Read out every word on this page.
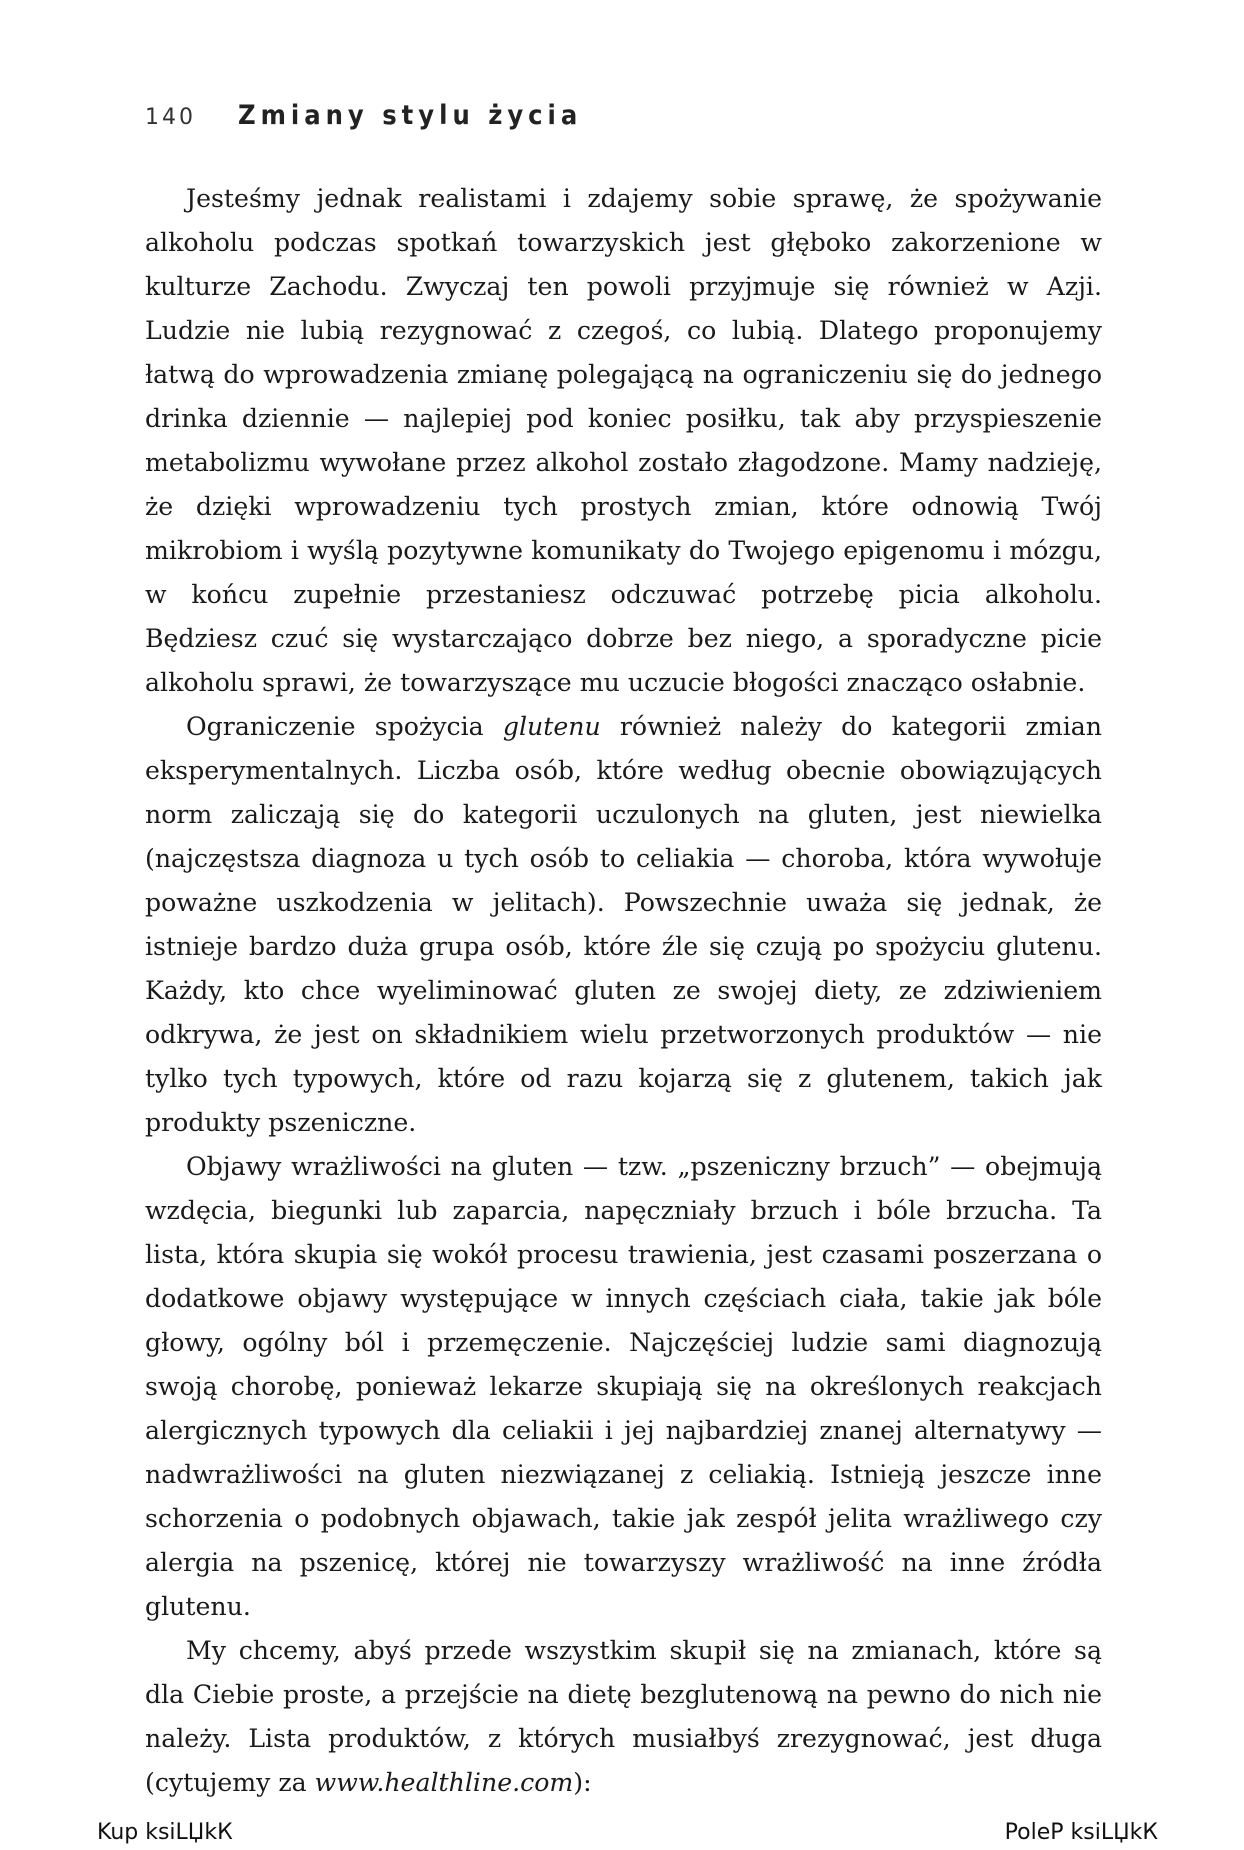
140 Zmiany stylu życia

Jesteśmy jednak realistami i zdajemy sobie sprawę, że spożywanie alkoholu podczas spotkań towarzyskich jest głęboko zakorzenione w kulturze Zachodu. Zwyczaj ten powoli przyjmuje się również w Azji. Ludzie nie lubią rezygnować z czegoś, co lubią. Dlatego proponujemy łatwą do wprowadzenia zmianę polegającą na ograniczeniu się do jednego drinka dziennie — najlepiej pod koniec posiłku, tak aby przyspieszenie metabolizmu wywołane przez alkohol zostało złagodzone. Mamy nadzieję, że dzięki wprowadzeniu tych prostych zmian, które odnowią Twój mikrobiom i wyślą pozytywne komunikaty do Twojego epigenomu i mózgu, w końcu zupełnie przestaniesz odczuwać potrzebę picia alkoholu. Będziesz czuć się wystarczająco dobrze bez niego, a sporadyczne picie alkoholu sprawi, że towarzyszące mu uczucie błogości znacząco osłabnie.

Ograniczenie spożycia glutenu również należy do kategorii zmian eksperymentalnych. Liczba osób, które według obecnie obowiązujących norm zaliczają się do kategorii uczulonych na gluten, jest niewielka (najczęstsza diagnoza u tych osób to celiakia — choroba, która wywołuje poważne uszkodzenia w jelitach). Powszechnie uważa się jednak, że istnieje bardzo duża grupa osób, które źle się czują po spożyciu glutenu. Każdy, kto chce wyeliminować gluten ze swojej diety, ze zdziwieniem odkrywa, że jest on składnikiem wielu przetworzonych produktów — nie tylko tych typowych, które od razu kojarzą się z glutenem, takich jak produkty pszeniczne.

Objawy wrażliwości na gluten — tzw. „pszeniczny brzuch” — obejmują wzdęcia, biegunki lub zaparcia, napęczniały brzuch i bóle brzucha. Ta lista, która skupia się wokół procesu trawienia, jest czasami poszerzana o dodatkowe objawy występujące w innych częściach ciała, takie jak bóle głowy, ogólny ból i przemęczenie. Najczęściej ludzie sami diagnozują swoją chorobę, ponieważ lekarze skupiają się na określonych reakcjach alergicznych typowych dla celiakii i jej najbardziej znanej alternatywy — nadwrażliwości na gluten niezwiązanej z celiakią. Istnieją jeszcze inne schorzenia o podobnych objawach, takie jak zespół jelita wrażliwego czy alergia na pszenicę, której nie towarzyszy wrażliwość na inne źródła glutenu.

My chcemy, abyś przede wszystkim skupił się na zmianach, które są dla Ciebie proste, a przejście na dietę bezglutenową na pewno do nich nie należy. Lista produktów, z których musiałbyś zrezygnować, jest długa (cytujemy za www.healthline.com):

Kup ksiLЏkК	PoleР ksiLЏkК
